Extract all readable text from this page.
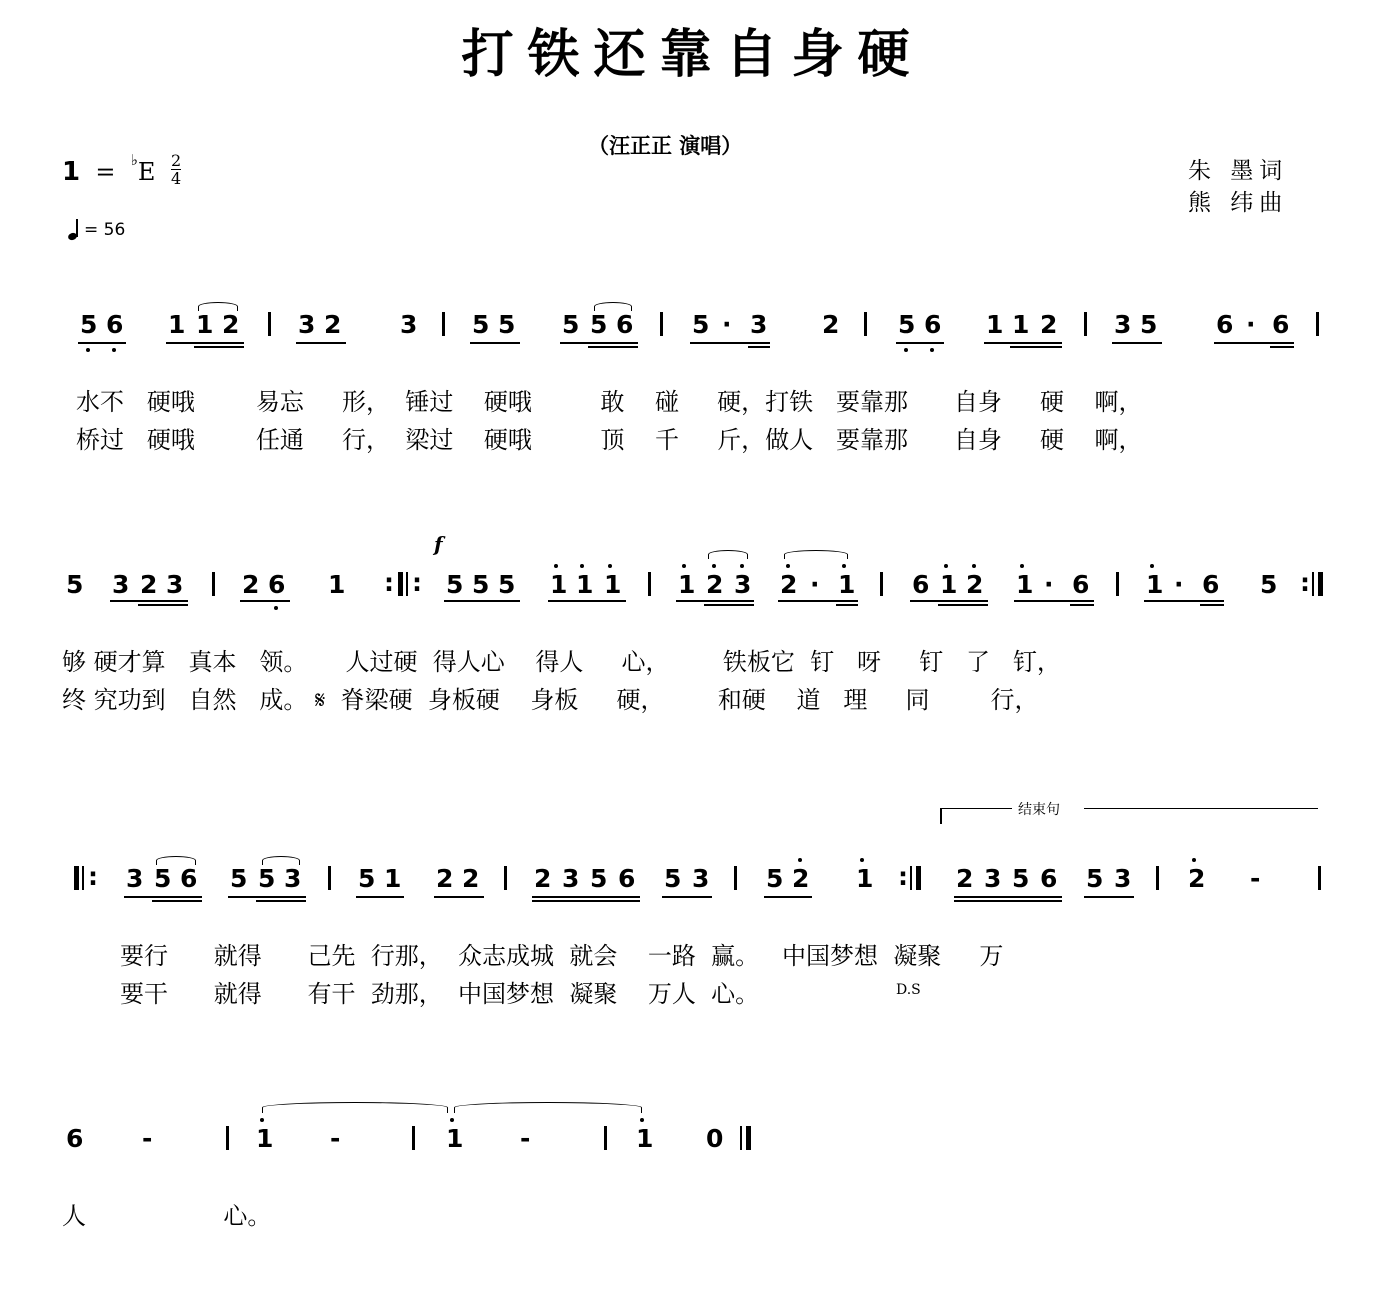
打铁还靠自身硬
（汪正正 演唱）
朱 墨词
熊 纬曲
$1 = ^♭E \frac{2}{4}$
= 56
5 6 1 1 2 3 2 3 5 5 5 5 6 5 · 3 2 5 6 1 1 2 3 5 6 · 6
水不   硬哦        易忘     形，  锤过    硬哦         敢    碰     硬，打铁   要靠那      自身     硬    啊，
桥过   硬哦        任通     行，  梁过    硬哦         顶    千     斤，做人   要靠那      自身     硬    啊，
f
5 3 2 3 2 6 1 : : 5 5 5 1 1 1 1 2 3 2 · 1 6 1 2 1 · 6 1 · 6 5 :
够 硬才算   真本   领。     人过硬  得人心    得人     心，       铁板它  钉   呀     钉   了   钉，
终 究功到   自然   成。 𝄋  脊梁硬  身板硬    身板     硬，       和硬    道   理     同        行，
结束句
: 3 5 6 5 5 3 5 1 2 2 2 3 5 6 5 3 5 2 1 : 2 3 5 6 5 3 2 -
要行      就得      己先  行那，  众志成城  就会    一路  赢。   中国梦想  凝聚     万
要干      就得      有干  劲那，  中国梦想  凝聚    万人  心。	D.S
6 -	1 -	1 -	1 0
人                  心。
